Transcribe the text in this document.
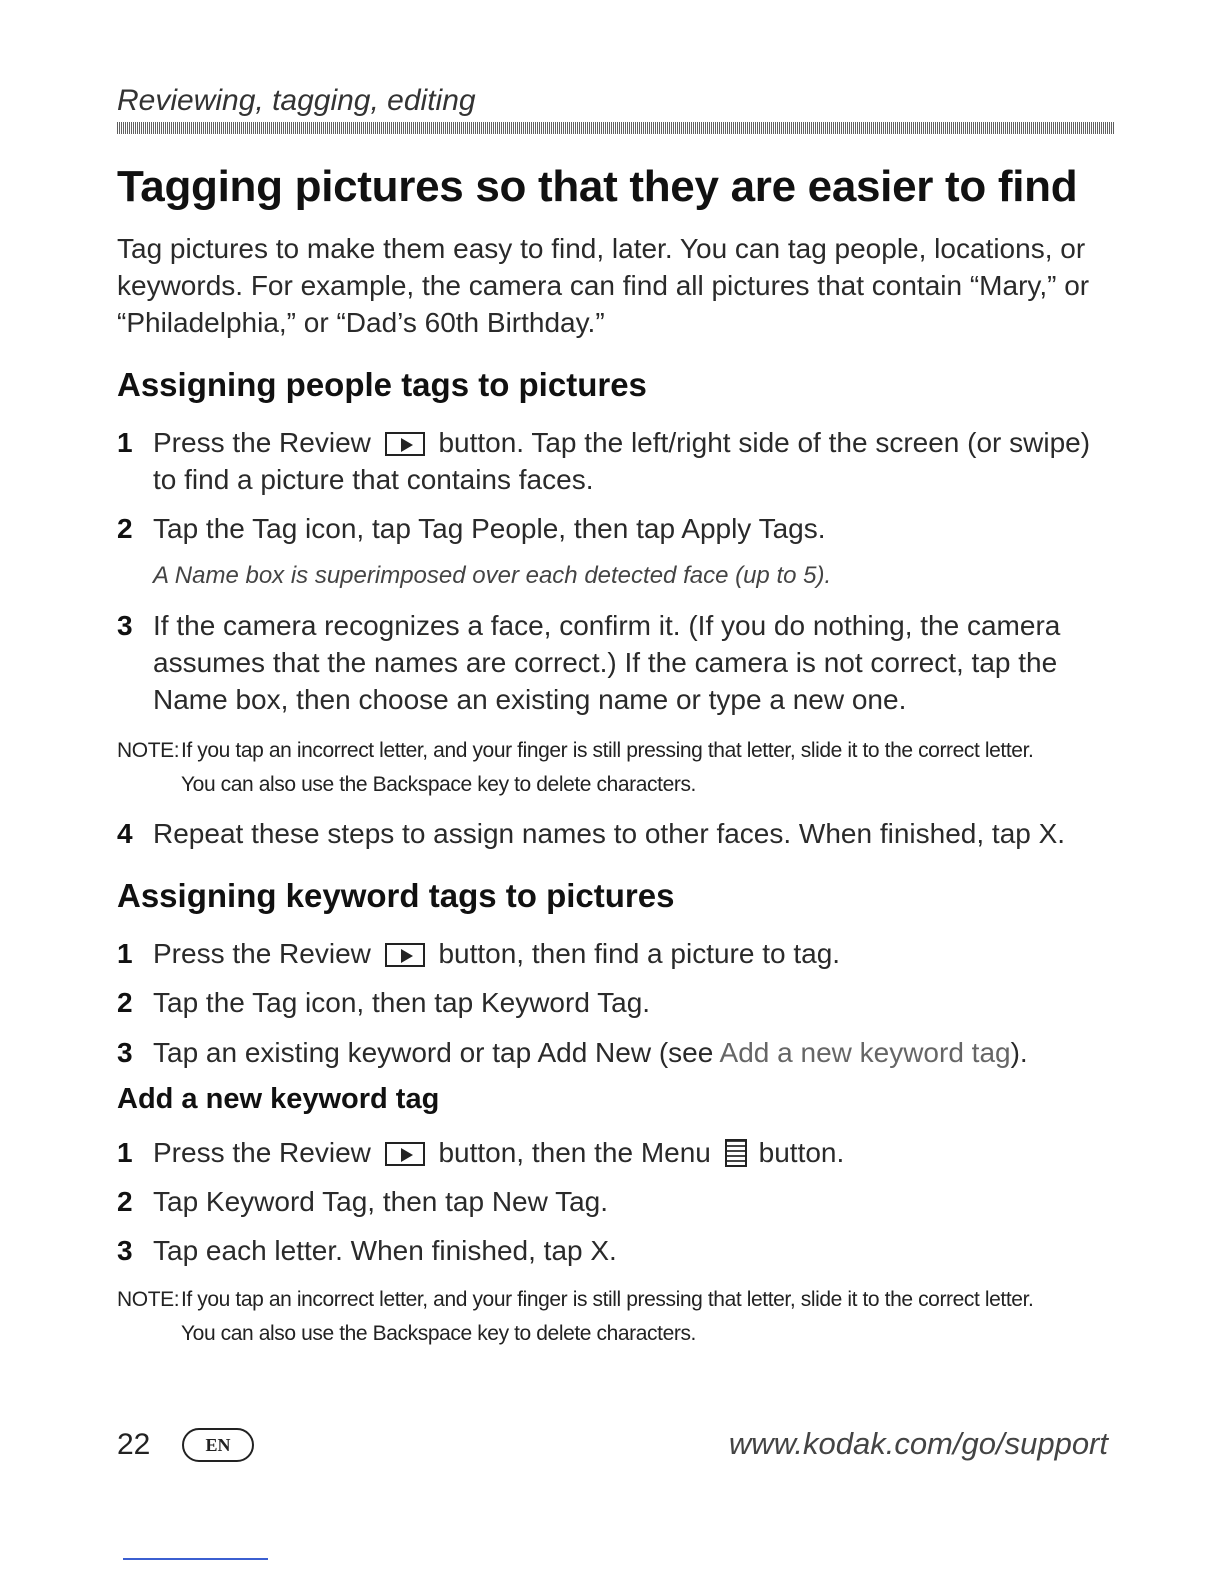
Reviewing, tagging, editing
Tagging pictures so that they are easier to find

Tag pictures to make them easy to find, later. You can tag people, locations, or keywords. For example, the camera can find all pictures that contain “Mary,” or “Philadelphia,” or “Dad’s 60th Birthday.”

Assigning people tags to pictures
1 Press the Review button. Tap the left/right side of the screen (or swipe) to find a picture that contains faces.
2 Tap the Tag icon, tap Tag People, then tap Apply Tags.
A Name box is superimposed over each detected face (up to 5).
3 If the camera recognizes a face, confirm it. (If you do nothing, the camera assumes that the names are correct.) If the camera is not correct, tap the Name box, then choose an existing name or type a new one.
NOTE:If you tap an incorrect letter, and your finger is still pressing that letter, slide it to the correct letter.
You can also use the Backspace key to delete characters.
4 Repeat these steps to assign names to other faces. When finished, tap X.
Assigning keyword tags to pictures
1 Press the Review button, then find a picture to tag.
2 Tap the Tag icon, then tap Keyword Tag.
3 Tap an existing keyword or tap Add New (see Add a new keyword tag).
Add a new keyword tag
1 Press the Review button, then the Menu button.
2 Tap Keyword Tag, then tap New Tag.
3 Tap each letter. When finished, tap X.
NOTE:If you tap an incorrect letter, and your finger is still pressing that letter, slide it to the correct letter.
You can also use the Backspace key to delete characters.
22	EN	www.kodak.com/go/support
